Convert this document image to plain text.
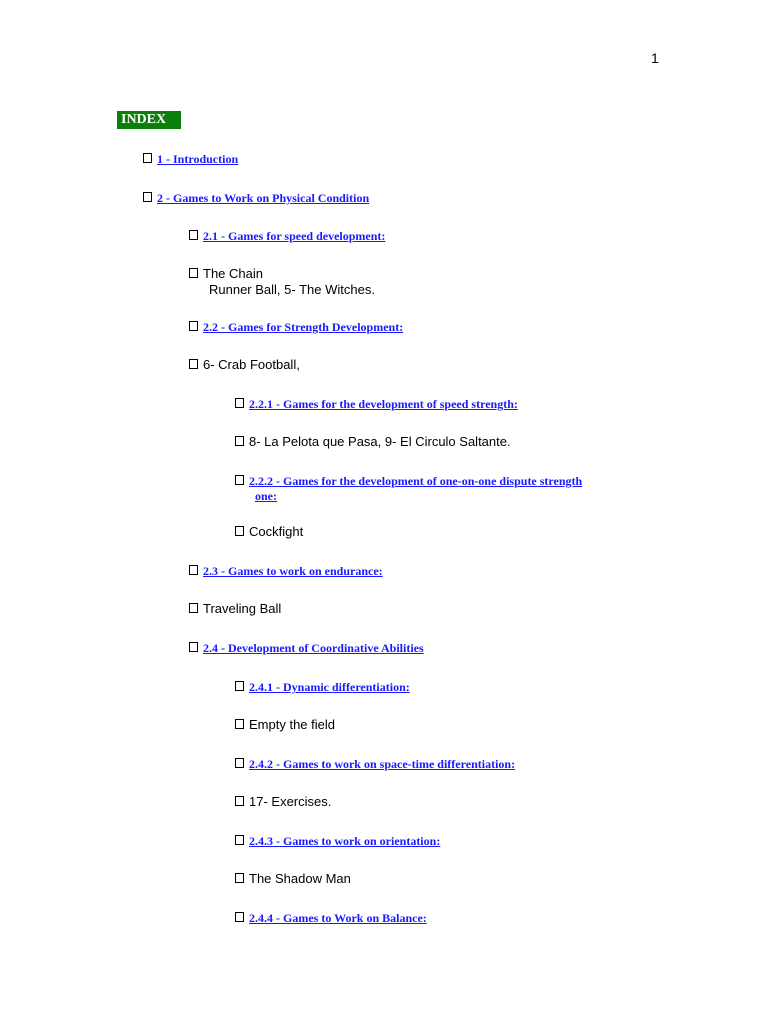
1
INDEX
1 - Introduction
2 - Games to Work on Physical Condition
2.1 - Games for speed development:
The Chain
Runner Ball, 5- The Witches.
2.2 - Games for Strength Development:
6- Crab Football,
2.2.1 - Games for the development of speed strength:
8- La Pelota que Pasa, 9- El Circulo Saltante.
2.2.2 - Games for the development of one-on-one dispute strength
one:
Cockfight
2.3 - Games to work on endurance:
Traveling Ball
2.4 - Development of Coordinative Abilities
2.4.1 - Dynamic differentiation:
Empty the field
2.4.2 - Games to work on space-time differentiation:
17- Exercises.
2.4.3 - Games to work on orientation:
The Shadow Man
2.4.4 - Games to Work on Balance:
